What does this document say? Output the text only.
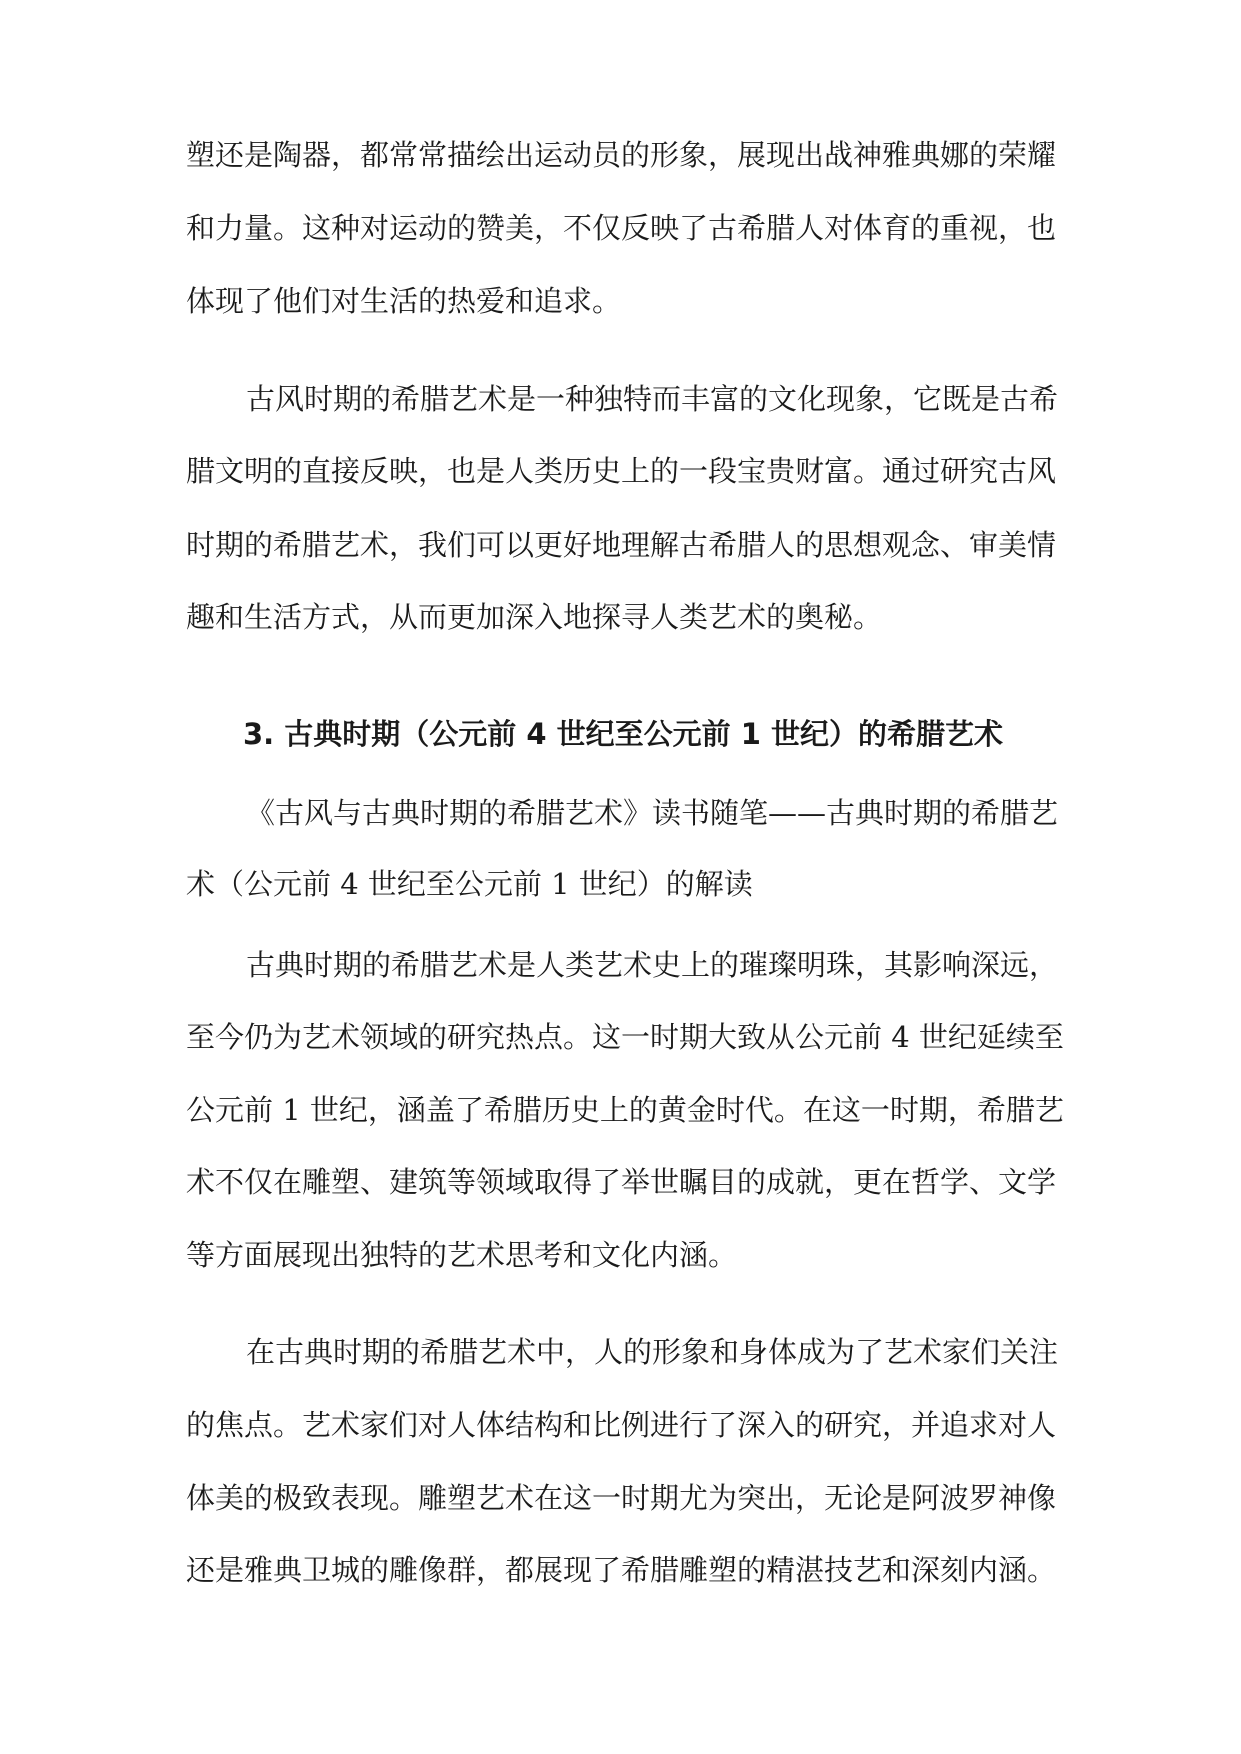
塑还是陶器，都常常描绘出运动员的形象，展现出战神雅典娜的荣耀
和力量。这种对运动的赞美，不仅反映了古希腊人对体育的重视，也
体现了他们对生活的热爱和追求。
古风时期的希腊艺术是一种独特而丰富的文化现象，它既是古希
腊文明的直接反映，也是人类历史上的一段宝贵财富。通过研究古风
时期的希腊艺术，我们可以更好地理解古希腊人的思想观念、审美情
趣和生活方式，从而更加深入地探寻人类艺术的奥秘。
3. 古典时期（公元前 4 世纪至公元前 1 世纪）的希腊艺术
《古风与古典时期的希腊艺术》读书随笔——古典时期的希腊艺
术（公元前 4 世纪至公元前 1 世纪）的解读
古典时期的希腊艺术是人类艺术史上的璀璨明珠，其影响深远，
至今仍为艺术领域的研究热点。这一时期大致从公元前 4 世纪延续至
公元前 1 世纪，涵盖了希腊历史上的黄金时代。在这一时期，希腊艺
术不仅在雕塑、建筑等领域取得了举世瞩目的成就，更在哲学、文学
等方面展现出独特的艺术思考和文化内涵。
在古典时期的希腊艺术中，人的形象和身体成为了艺术家们关注
的焦点。艺术家们对人体结构和比例进行了深入的研究，并追求对人
体美的极致表现。雕塑艺术在这一时期尤为突出，无论是阿波罗神像
还是雅典卫城的雕像群，都展现了希腊雕塑的精湛技艺和深刻内涵。
